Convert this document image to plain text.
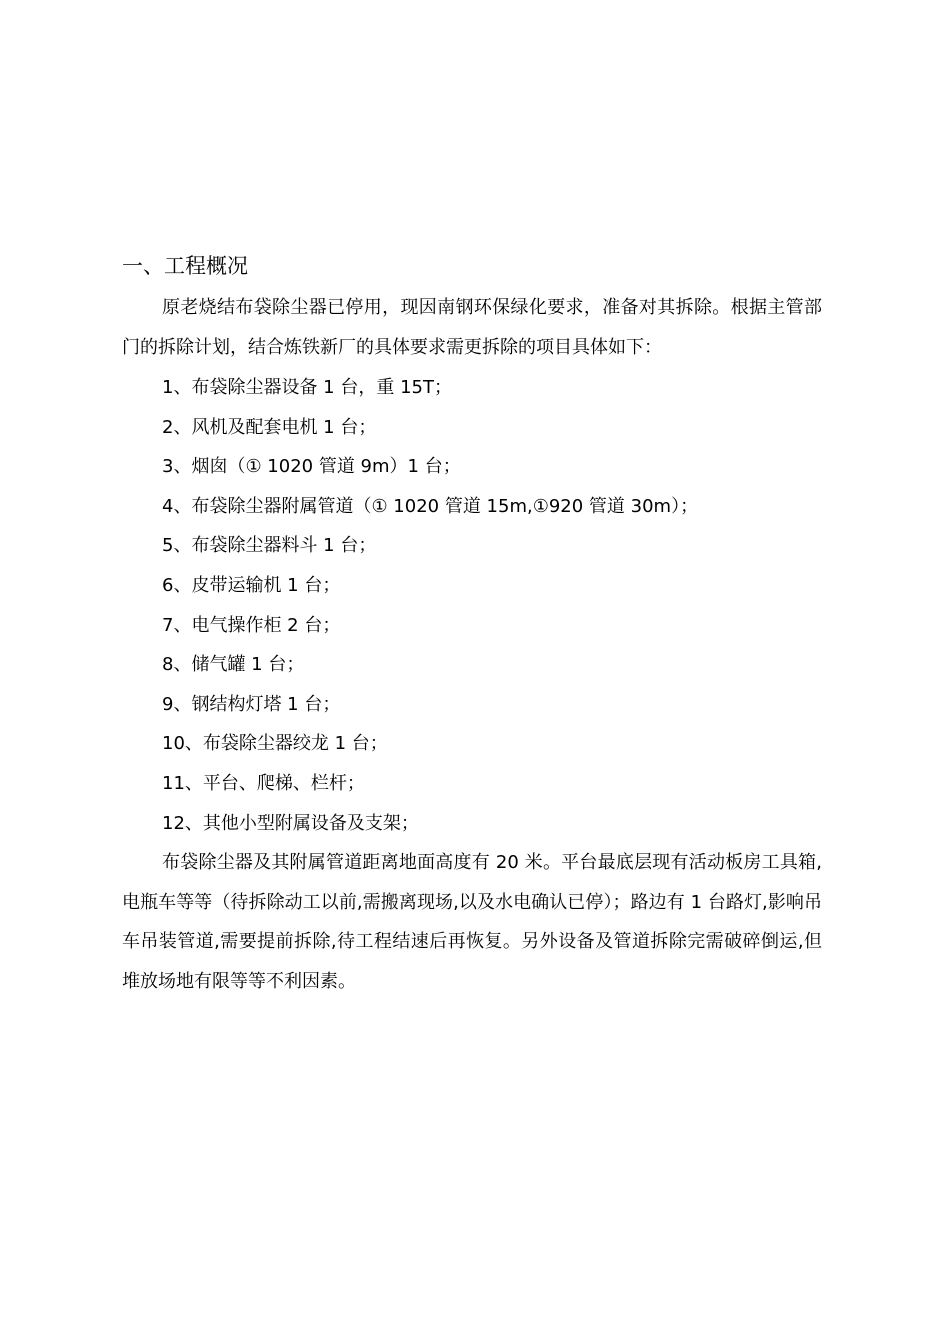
一、工程概况

原老烧结布袋除尘器已停用，现因南钢环保绿化要求，准备对其拆除。根据主管部门的拆除计划，结合炼铁新厂的具体要求需更拆除的项目具体如下：

1、布袋除尘器设备 1 台，重 15T；
2、风机及配套电机 1 台；
3、烟囱（① 1020 管道 9m）1 台；
4、布袋除尘器附属管道（① 1020 管道 15m,①920 管道 30m）；
5、布袋除尘器料斗 1 台；
6、皮带运输机 1 台；
7、电气操作柜 2 台；
8、储气罐 1 台；
9、钢结构灯塔 1 台；
10、布袋除尘器绞龙 1 台；
11、平台、爬梯、栏杆；
12、其他小型附属设备及支架；

布袋除尘器及其附属管道距离地面高度有 20 米。平台最底层现有活动板房工具箱,电瓶车等等（待拆除动工以前,需搬离现场,以及水电确认已停）；路边有 1 台路灯,影响吊车吊装管道,需要提前拆除,待工程结速后再恢复。另外设备及管道拆除完需破碎倒运,但堆放场地有限等等不利因素。
